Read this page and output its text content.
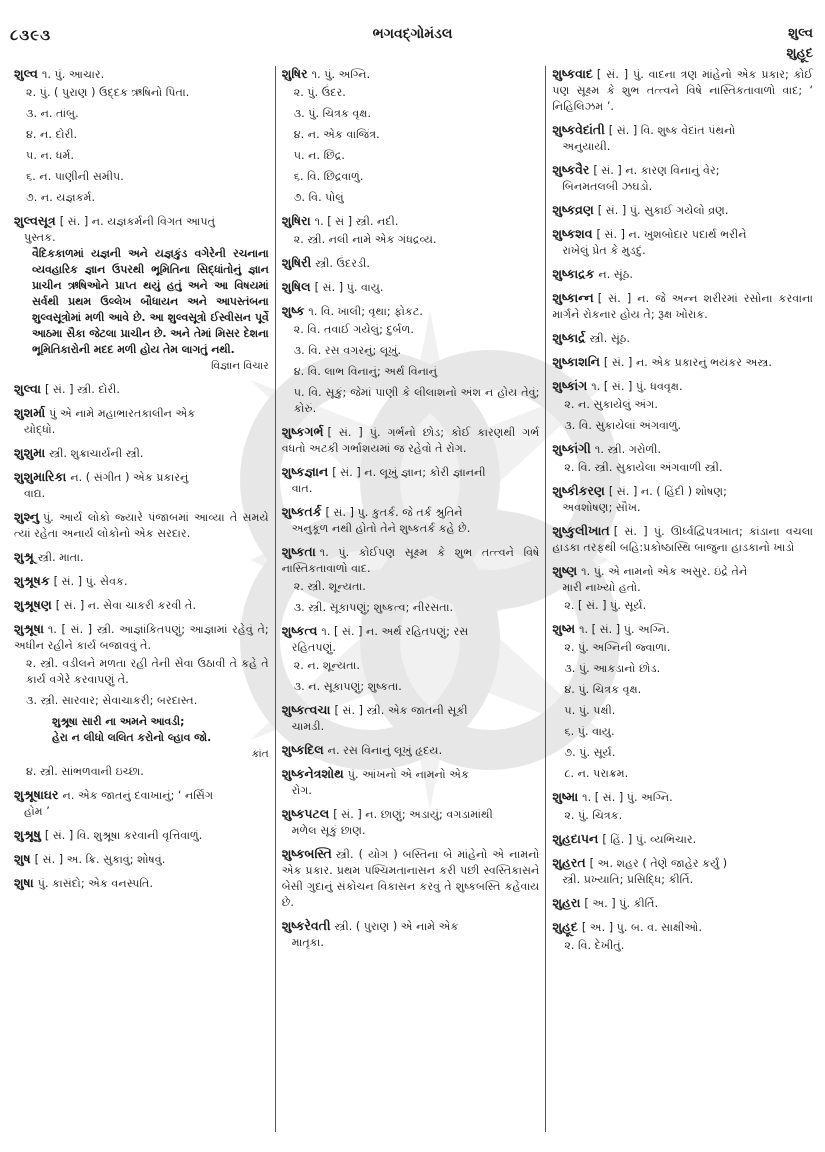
૮૩૯૩	ભગવદ્ગોમંડલ	શુલ્વ
શુહૂદ
શુલ્વ ૧. પું. આચાર.
૨. પું. ( પુરાણ ) ઉદ્દક ઋષિનો પિતા.
૩. ન. તાંબુ.
૪. ન. દોરી.
૫. ન. ધર્મ.
૬. ન. પાણીની સમીપ.
૭. ન. યજ્ઞકર્મ.
શુલ્વસૂત્ર [ સં. ] ન. યજ્ઞકર્મની વિગત આપતું
પુસ્તક.
વૈદિકકાળમાં યજ્ઞની અને યજ્ઞકુંડ વગેરેની રચનાના વ્યવહારિક જ્ઞાન ઉપરથી ભૂમિતિના સિદ્ધાંતોનું જ્ઞાન પ્રાચીન ઋષિઓને પ્રાપ્ત થયું હતું અને આ વિષયમાં સર્વથી પ્રથમ ઉલ્લેખ બૌધાયન અને આપસ્તંબના શુલ્વસૂત્રોમાં મળી આવે છે. આ શુલ્વસૂત્રો ઈસ્વીસન પૂર્વે આઠમા સૈકા જેટલા પ્રાચીન છે. અને તેમાં મિસર દેશના ભૂમિતિકારોની મદદ મળી હોય તેમ લાગતું નથી.
વિજ્ઞાન વિચાર
શુલ્વા [ સં. ] સ્ત્રી. દોરી.
શુશર્મા પું એ નામે મહાભારતકાલીન એક
યોદ્ધો.
શુશુમા સ્ત્રી. શુક્રાચાર્યની સ્ત્રી.
શુશુમારિકા ન. ( સંગીત ) એક પ્રકારનું
વાદ્ય.
શુશ્નુ પું. આર્ય લોકો જ્યારે પંજાબમાં આવ્યા તે સમયે ત્યાં રહેતા અનાર્ય લોકોનો એક સરદાર.
શુશ્રૂ સ્ત્રી. માતા.
શુશ્રૂષક [ સં. ] પું. સેવક.
શુશ્રૂષણ [ સં. ] ન. સેવા ચાકરી કરવી તે.
શુશ્રૂષા ૧. [ સં. ] સ્ત્રી. આજ્ઞાંકિતપણું; આજ્ઞામાં રહેવું તે; અધીન રહીને કાર્ય બજાવવું તે.
૨. સ્ત્રી. વડીલને મળતા રહી તેની સેવા ઉઠાવી તે કહે તે કાર્ય વગેરે કરવાપણું તે.
૩. સ્ત્રી. સારવાર; સેવાચાકરી; બરદાસ્ત.
શુશ્રૂષા સારી ના અમને આવડી;
હેરા ન લીધો લલિત કરોનો લ્હાવ જો.
કાંત
૪. સ્ત્રી. સાંભળવાની ઇચ્છા.
શુશ્રૂષાઘર ન. એક જાતનું દવાખાનું; ‘ નર્સિંગ
હોમ ’
શુશ્રૂષુ [ સં. ] વિ. શુશ્રૂષા કરવાની વૃત્તિવાળું.
શુષ [ સં. ] અ. ક્રિ. સુકાવું; શોષવું.
શુષા પું. કાસંદો; એક વનસ્પતિ.
શુષિર ૧. પું. અગ્નિ.
૨. પું. ઉંદર.
૩. પું. ચિત્રક વૃક્ષ.
૪. ન. એક વાજિંત્ર.
૫. ન. છિદ્ર.
૬. વિ. છિદ્રવાળું.
૭. વિ. પોલું
શુષિરા ૧. [ સં ] સ્ત્રી. નદી.
૨. સ્ત્રી. નલી નામે એક ગંધદ્રવ્ય.
શુષિરી સ્ત્રી. ઉંદરડી.
શુષિલ [ સં. ] પું. વાયુ.
શુષ્ક ૧. વિ. ખાલી; વૃથા; ફોકટ.
૨. વિ. તવાઈ ગયેલું; દુર્બળ.
૩. વિ. રસ વગરનું; લૂખું.
૪. વિ. લાભ વિનાનું; અર્થ વિનાનું
૫. વિ. સૂકું; જેમાં પાણી કે લીલાશનો અંશ ન હોય તેવું; કોરું.
શુષ્કગર્ભ [ સં. ] પું. ગર્ભનો છોડ; કોઈ કારણથી ગર્ભ વધતો અટકી ગર્ભાશયમાં જ રહેવો તે રોગ.
શુષ્કજ્ઞાન [ સં. ] ન. લૂખું જ્ઞાન; કોરી જ્ઞાનની
વાત.
શુષ્કતર્ક [ સં. ] પુ. કુતર્ક. જે તર્ક શ્રુતિને
અનુકૂળ નથી હોતો તેને શુષ્કતર્ક કહે છે.
શુષ્કતા ૧. પું. કોઈપણ સૂક્ષ્મ કે શુભ તત્ત્વને વિષે નાસ્તિકતાવાળો વાદ.
૨. સ્ત્રી. શૂન્યતા.
૩. સ્ત્રી. સૂકાપણું; શુષ્કત્વ; નીરસતા.
શુષ્કત્વ ૧. [ સં. ] ન. અર્થ રહિતપણું; રસ
રહિતપણું.
૨. ન. શૂન્યતા.
૩. ન. સૂકાપણું; શુષ્કતા.
શુષ્કત્વચા [ સં. ] સ્ત્રી. એક જાતની સૂકી
ચામડી.
શુષ્કદિલ ન. રસ વિનાનું લૂખું હૃદય.
શુષ્કનેત્રશોથ પું. આંખનો એ નામનો એક
રોગ.
શુષ્કપટલ [ સં. ] ન. છાણું; અડાયું; વગડામાંથી
મળેલ સૂકું છાણ.
શુષ્કબસ્તિ સ્ત્રી. ( યોગ ) બસ્તિના બે માંહેનો એ નામનો એક પ્રકાર. પ્રથમ પશ્ચિમતાનાસન કરી પછી સ્વસ્તિકાસને બેસી ગુદાનું સંકોચન વિકાસન કરવું તે શુષ્કબસ્તિ કહેવાય છે.
શુષ્કરેવતી સ્ત્રી. ( પુરાણ ) એ નામે એક
માતૃકા.
શુષ્કવાદ [ સં. ] પું. વાદના ત્રણ માંહેનો એક પ્રકાર; કોઈ પણ સૂક્ષ્મ કે શુભ તત્ત્વને વિષે નાસ્તિકતાવાળો વાદ; ‘ નિહિલિઝમ ’.
શુષ્કવેદાંતી [ સં. ] વિ. શુષ્ક વેદાંત પંથનો
અનુયાયી.
શુષ્કવૈર [ સં. ] ન. કારણ વિનાનું વેર;
બિનમતલબી ઝઘડો.
શુષ્કવ્રણ [ સં. ] પું. સુકાઈ ગયેલો વ્રણ.
શુષ્કશવ [ સં. ] ન. ખુશબોદાર પદાર્થ ભરીને
રાખેલું પ્રેત કે મુડદું.
શુષ્કાદ્રક ન. સૂંઠ.
શુષ્કાન્ન [ સં. ] ન. જે અન્ન શરીરમાં રસોના કરવાના માર્ગને રોકનાર હોય તે; રૂક્ષ ખોરાક.
શુષ્કાર્દ્ર સ્ત્રી. સૂંઠ.
શુષ્કાશનિ [ સં. ] ન. એક પ્રકારનું ભયંકર અસ્ત્ર.
શુષ્કાંગ ૧. [ સં. ] પું. ધવવૃક્ષ.
૨. ન. સુકાયેલું અંગ.
૩. વિ. સુકાયેલાં અંગવાળું.
શુષ્કાંગી ૧. સ્ત્રી. ગરોળી.
૨. વિ. સ્ત્રી. સુકાયેલા અંગવાળી સ્ત્રી.
શુષ્કીકરણ [ સં. ] ન. ( હિંદી ) શોષણ;
અવશોષણ; સૌખ.
શુષ્કુલીખાત [ સં. ] પું. ઊર્ધ્વદ્વિપત્રખાત; કાંડાના વચલા હાડકા તરફથી બહિ:પ્રકોષ્ઠાસ્થિ બાજુના હાડકાનો ખાડો
શુષ્ણ ૧. પું. એ નામનો એક અસુર. ઇંદ્રે તેને
મારી નાખ્યો હતો.
૨. [ સં. ] પું. સૂર્ય.
શુષ્મ ૧. [ સં. ] પું. અગ્નિ.
૨. પું. અગ્નિની જ્વાળા.
૩. પું. આકડાનો છોડ.
૪. પું. ચિત્રક વૃક્ષ.
૫. પું. પક્ષી.
૬. પું. વાયુ.
૭. પું. સૂર્ય.
૮. ન. પરાક્રમ.
શુષ્મા ૧. [ સં. ] પું. અગ્નિ.
૨. પું. ચિત્રક.
શુહદાપન [ હિં. ] પું. વ્યભિચાર.
શુહરત [ અ. શહર ( તેણે જાહેર કર્યું )
સ્ત્રી. પ્રખ્યાતિ; પ્રસિદ્ધિ; કીર્તિ.
શુહરા [ અ. ] પું. કીર્તિ.
શુહૂદ [ અ. ] પુ. બ. વ. સાક્ષીઓ.
૨. વિ. દેખીતું.
